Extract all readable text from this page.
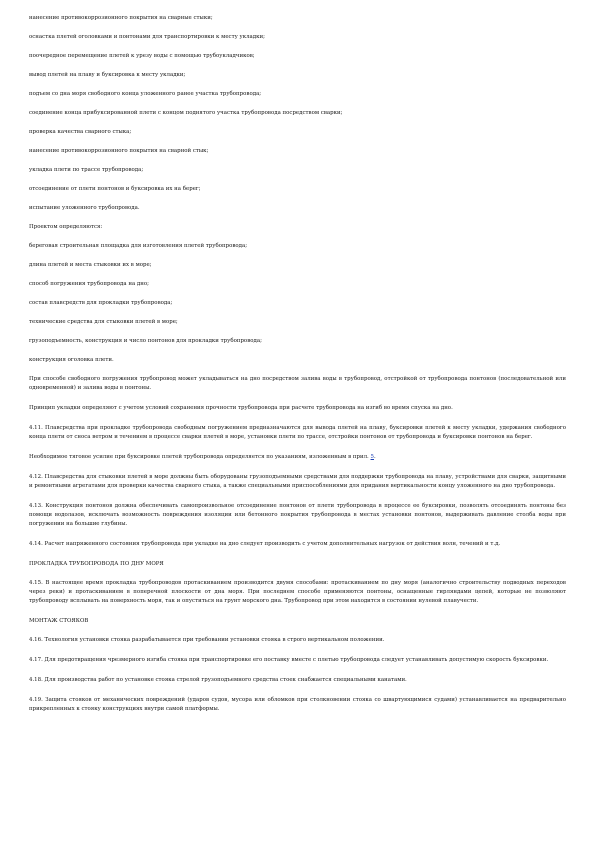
нанесение противокоррозионного покрытия на сварные стыки;

оснастка плетей оголовками и понтонами для транспортировки к месту укладки;

поочередное перемещение плетей к урезу воды с помощью трубоукладчиков;

вывод плетей на плаву и буксировка к месту укладки;

подъем со дна моря свободного конца уложенного ранее участка трубопровода;

соединение конца прибуксированной плети с концом поднятого участка трубопровода посредством сварки;

проверка качества сварного стыка;

нанесение противокоррозионного покрытия на сварной стык;

укладка плети по трассе трубопровода;

отсоединение от плети понтонов и буксировка их на берег;

испытание уложенного трубопровода.

Проектом определяются:

береговая строительная площадка для изготовления плетей трубопровода;

длина плетей и места стыковки их в море;

способ погружения трубопровода на дно;

состав плавсредств для прокладки трубопровода;

технические средства для стыковки плетей в море;

грузоподъемность, конструкция и число понтонов для прокладки трубопровода;

конструкция оголовка плети.

При способе свободного погружения трубопровод может укладываться на дно посредством залива воды в трубопровод, отстройкой от трубопровода понтонов (последовательной или одновременной) и залива воды в понтоны.

Принцип укладки определяют с учетом условий сохранения прочности трубопровода при расчете трубопровода на изгиб во время спуска на дно.

4.11. Плавсредства при прокладке трубопровода свободным погружением предназначаются для вывода плетей на плаву, буксировки плетей к месту укладки, удержания свободного конца плети от сноса ветром и течением в процессе сварки плетей в море, установки плети по трассе, отстройки понтонов от трубопровода и буксировки понтонов на берег.

Необходимое тяговое усилие при буксировке плетей трубопровода определяется по указаниям, изложенным в прил. 5.

4.12. Плавсредства для стыковки плетей в море должны быть оборудованы грузоподъемными средствами для поддержки трубопровода на плаву, устройствами для сварки, защитными и ремонтными агрегатами для проверки качества сварного стыка, а также специальными приспособлениями для придания вертикальности концу уложенного на дно трубопровода.

4.13. Конструкция понтонов должна обеспечивать самопроизвольное отсоединение понтонов от плети трубопровода в процессе ее буксировки, позволять отсоединять понтоны без помощи водолазов, исключать возможность повреждения изоляции или бетонного покрытия трубопровода в местах установки понтонов, выдерживать давление столба воды при погружении на большие глубины.

4.14. Расчет напряженного состояния трубопровода при укладке на дно следует производить с учетом дополнительных нагрузок от действия волн, течений и т.д.

ПРОКЛАДКА ТРУБОПРОВОДА ПО ДНУ МОРЯ

4.15. В настоящее время прокладка трубопроводов протаскиванием производится двумя способами: протаскиванием по дну моря (аналогично строительству подводных переходов через реки) и протаскиванием в поперечной плоскости от дна моря. При последнем способе применяются понтоны, оснащенные гирляндами цепей, которые не позволяют трубопроводу всплывать на поверхность моря, так и опуститься на грунт морского дна. Трубопровод при этом находится в состоянии нулевой плавучести.

МОНТАЖ СТОЯКОВ

4.16. Технология установки стояка разрабатывается при требовании установки стояка в строго вертикальном положении.

4.17. Для предотвращения чрезмерного изгиба стояка при транспортировке его поставку вместе с плетью трубопровода следует устанавливать допустимую скорость буксировки.

4.18. Для производства работ по установке стояка стрелой грузоподъемного средства стоек снабжается специальными канатами.

4.19. Защита стояков от механических повреждений (ударов судов, мусора или обломков при столкновении стояка со швартующимися судами) устанавливается на предварительно прикрепленных к стояку конструкциях внутри самой платформы.
